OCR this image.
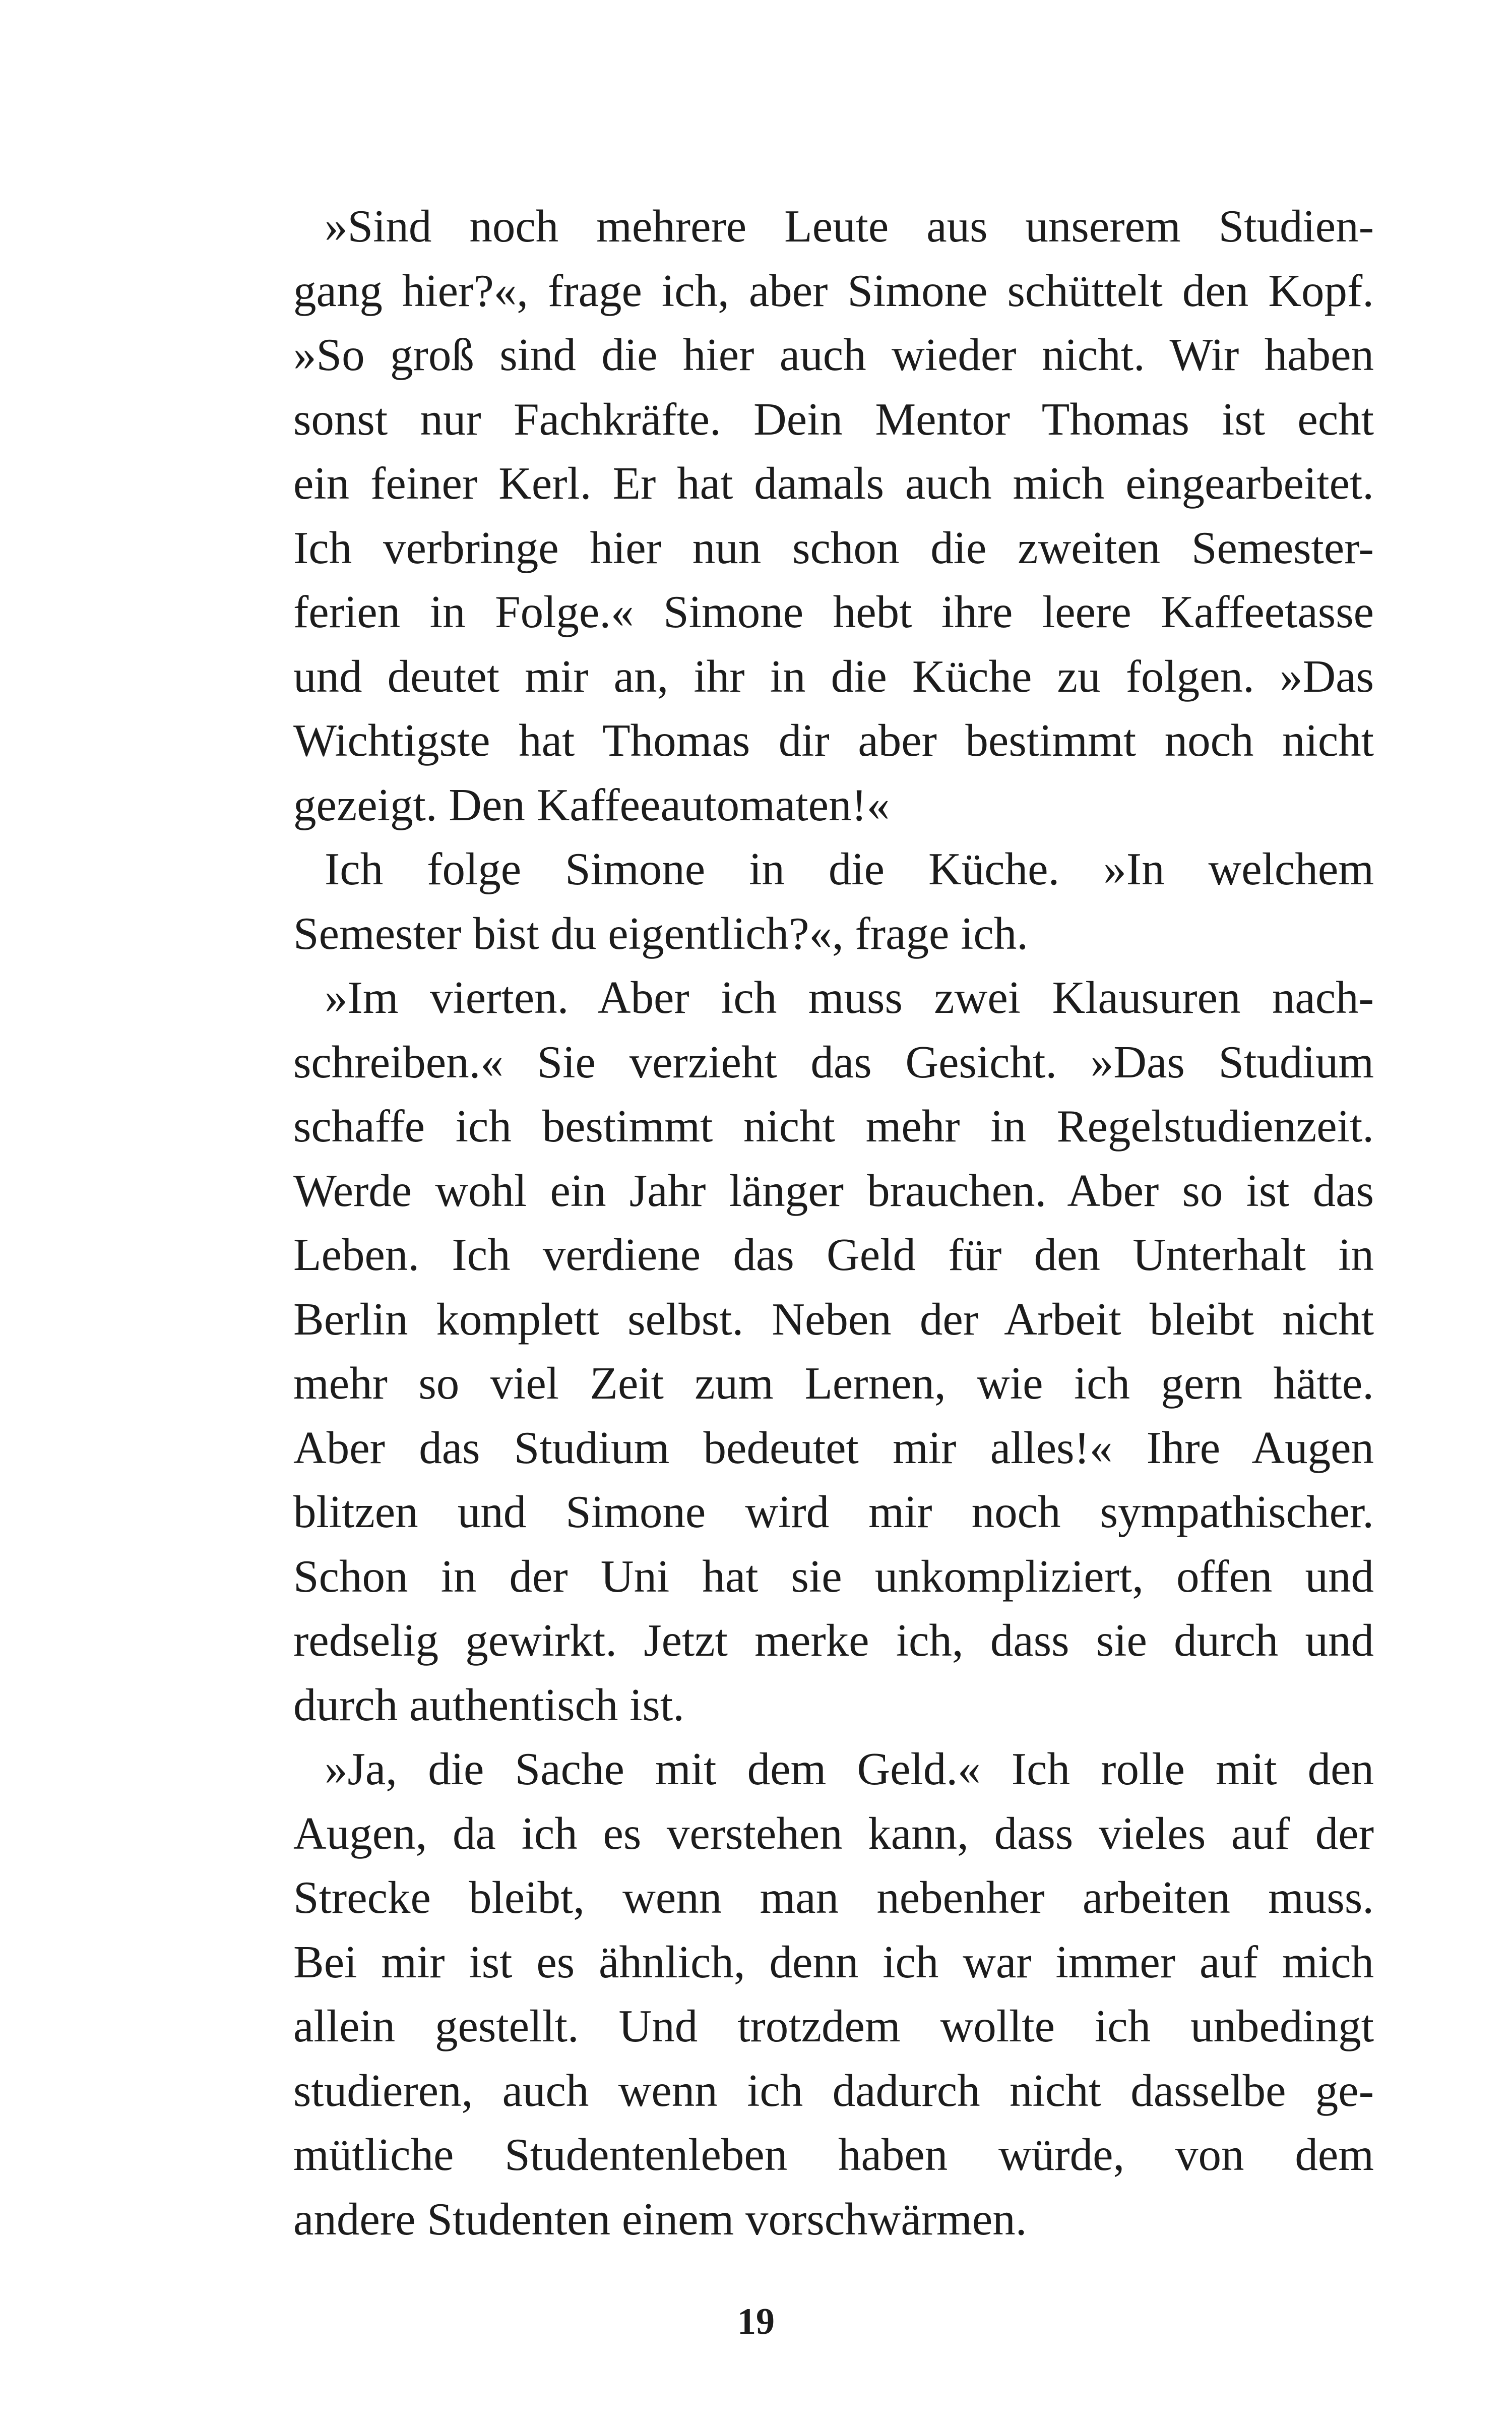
»Sind noch mehrere Leute aus unserem Studien-
gang hier?«, frage ich, aber Simone schüttelt den Kopf.
»So groß sind die hier auch wieder nicht. Wir haben
sonst nur Fachkräfte. Dein Mentor Thomas ist echt
ein feiner Kerl. Er hat damals auch mich eingearbeitet.
Ich verbringe hier nun schon die zweiten Semester-
ferien in Folge.« Simone hebt ihre leere Kaffeetasse
und deutet mir an, ihr in die Küche zu folgen. »Das
Wichtigste hat Thomas dir aber bestimmt noch nicht
gezeigt. Den Kaffeeautomaten!«
Ich folge Simone in die Küche. »In welchem
Semester bist du eigentlich?«, frage ich.
»Im vierten. Aber ich muss zwei Klausuren nach-
schreiben.« Sie verzieht das Gesicht. »Das Studium
schaffe ich bestimmt nicht mehr in Regelstudienzeit.
Werde wohl ein Jahr länger brauchen. Aber so ist das
Leben. Ich verdiene das Geld für den Unterhalt in
Berlin komplett selbst. Neben der Arbeit bleibt nicht
mehr so viel Zeit zum Lernen, wie ich gern hätte.
Aber das Studium bedeutet mir alles!« Ihre Augen
blitzen und Simone wird mir noch sympathischer.
Schon in der Uni hat sie unkompliziert, offen und
redselig gewirkt. Jetzt merke ich, dass sie durch und
durch authentisch ist.
»Ja, die Sache mit dem Geld.« Ich rolle mit den
Augen, da ich es verstehen kann, dass vieles auf der
Strecke bleibt, wenn man nebenher arbeiten muss.
Bei mir ist es ähnlich, denn ich war immer auf mich
allein gestellt. Und trotzdem wollte ich unbedingt
studieren, auch wenn ich dadurch nicht dasselbe ge-
mütliche Studentenleben haben würde, von dem
andere Studenten einem vorschwärmen.
19
